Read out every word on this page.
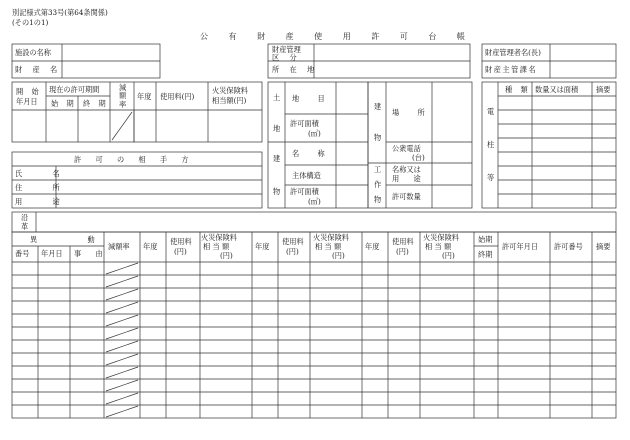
別記様式第33号(第64条関係)
(その1の1)
公 有 財 産 使 用 許 可 台 帳
施設の名称
財 産 名
財産管理
区 分
所 在 地
財産管理者名(長)
財産主管課名
開 始
年月日
現在の許可期間
始 期 終 期
減額率
年度 使用料(円)
火災保険料
相当額(円)	土
地
地 目
許可面積
(㎡)
建
物
名 称
主体構造
許可面積
(㎡)
建
物
場 所
公衆電話
(台)
工
作
物
名称又は
用 途
許可数量
電
柱
等
種 類 数量又は面積 摘要
許 可 の 相 手 方
氏 名
住 所
用 途
沿
革
異 動
番号 年月日 事 由
減額率 年度
使用料
(円)
火災保険料
相 当 額
(円)
年度
使用料
(円)
火災保険料
相 当 額
(円)
年度
使用料
(円)
火災保険料
相 当 額
(円)
始期
終期
許可年月日 許可番号 摘要
